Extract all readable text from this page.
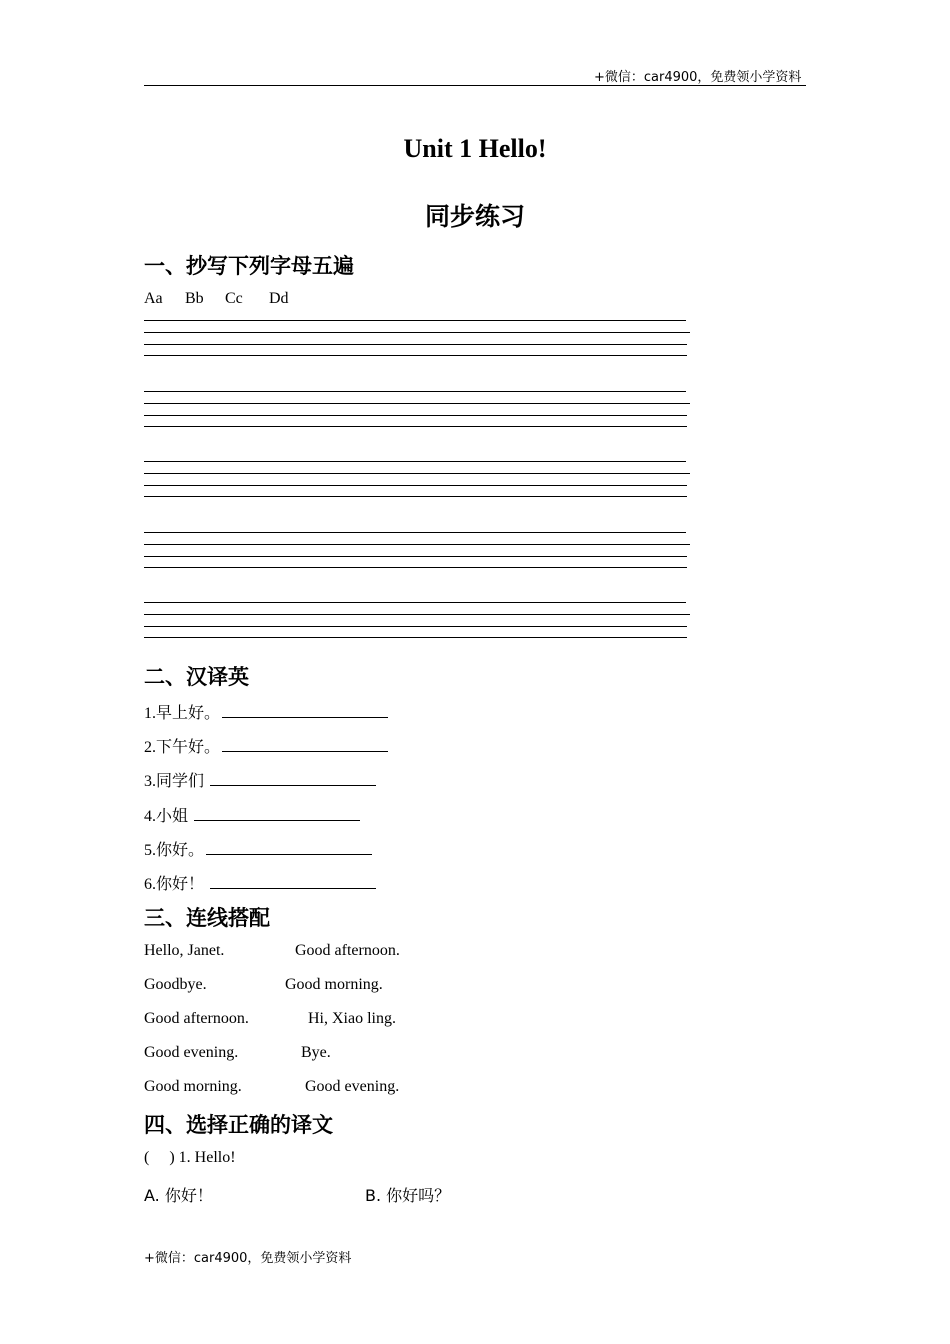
+微信：car4900，免费领小学资料
Unit 1 Hello!
同步练习
一、抄写下列字母五遍
Aa Bb Cc Dd
二、汉译英
1.早上好。
2.下午好。
3.同学们
4.小姐
5.你好。
6.你好！
三、连线搭配
Hello, Janet.	Good afternoon.
Goodbye.	Good morning.
Good afternoon.	Hi, Xiao ling.
Good evening.	Bye.
Good morning.	Good evening.
四、选择正确的译文
(     ) 1. Hello!
A. 你好！	B. 你好吗？
+微信：car4900，免费领小学资料
